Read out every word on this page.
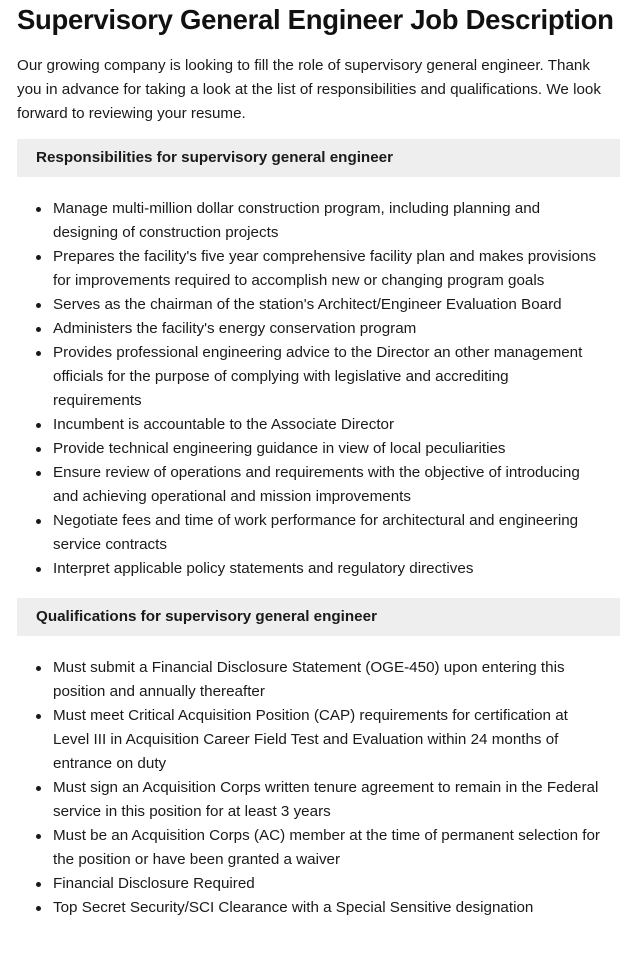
Supervisory General Engineer Job Description

Our growing company is looking to fill the role of supervisory general engineer. Thank you in advance for taking a look at the list of responsibilities and qualifications. We look forward to reviewing your resume.

Responsibilities for supervisory general engineer
Manage multi-million dollar construction program, including planning and designing of construction projects
Prepares the facility's five year comprehensive facility plan and makes provisions for improvements required to accomplish new or changing program goals
Serves as the chairman of the station's Architect/Engineer Evaluation Board
Administers the facility's energy conservation program
Provides professional engineering advice to the Director an other management officials for the purpose of complying with legislative and accrediting requirements
Incumbent is accountable to the Associate Director
Provide technical engineering guidance in view of local peculiarities
Ensure review of operations and requirements with the objective of introducing and achieving operational and mission improvements
Negotiate fees and time of work performance for architectural and engineering service contracts
Interpret applicable policy statements and regulatory directives
Qualifications for supervisory general engineer
Must submit a Financial Disclosure Statement (OGE-450) upon entering this position and annually thereafter
Must meet Critical Acquisition Position (CAP) requirements for certification at Level III in Acquisition Career Field Test and Evaluation within 24 months of entrance on duty
Must sign an Acquisition Corps written tenure agreement to remain in the Federal service in this position for at least 3 years
Must be an Acquisition Corps (AC) member at the time of permanent selection for the position or have been granted a waiver
Financial Disclosure Required
Top Secret Security/SCI Clearance with a Special Sensitive designation
